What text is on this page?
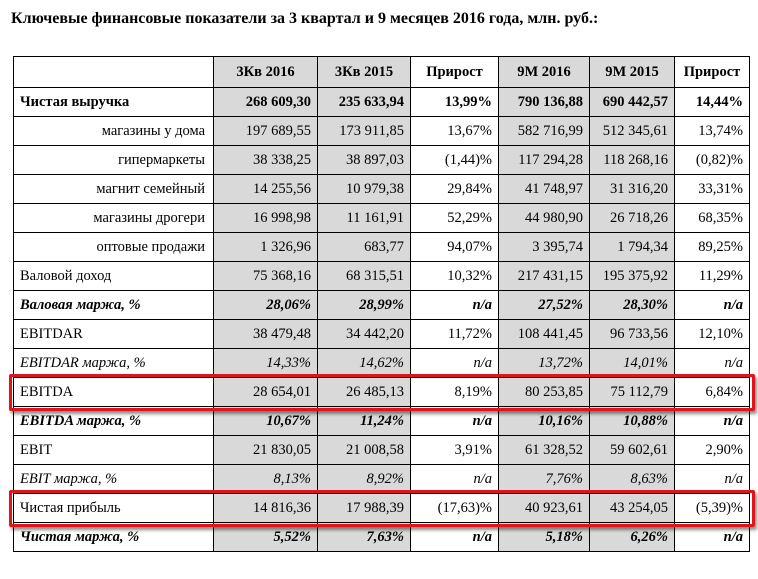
Ключевые финансовые показатели за 3 квартал и 9 месяцев 2016 года, млн. руб.:
	3Кв 2016	3Кв 2015	Прирост	9М 2016	9М 2015	Прирост
Чистая выручка	268 609,30	235 633,94	13,99%	790 136,88	690 442,57	14,44%
магазины у дома	197 689,55	173 911,85	13,67%	582 716,99	512 345,61	13,74%
гипермаркеты	38 338,25	38 897,03	(1,44)%	117 294,28	118 268,16	(0,82)%
магнит семейный	14 255,56	10 979,38	29,84%	41 748,97	31 316,20	33,31%
магазины дрогери	16 998,98	11 161,91	52,29%	44 980,90	26 718,26	68,35%
оптовые продажи	1 326,96	683,77	94,07%	3 395,74	1 794,34	89,25%
Валовой доход	75 368,16	68 315,51	10,32%	217 431,15	195 375,92	11,29%
Валовая маржа, %	28,06%	28,99%	n/a	27,52%	28,30%	n/a
EBITDAR	38 479,48	34 442,20	11,72%	108 441,45	96 733,56	12,10%
EBITDAR маржа, %	14,33%	14,62%	n/a	13,72%	14,01%	n/a
EBITDA	28 654,01	26 485,13	8,19%	80 253,85	75 112,79	6,84%
EBITDA маржа, %	10,67%	11,24%	n/a	10,16%	10,88%	n/a
EBIT	21 830,05	21 008,58	3,91%	61 328,52	59 602,61	2,90%
EBIT маржа, %	8,13%	8,92%	n/a	7,76%	8,63%	n/a
Чистая прибыль	14 816,36	17 988,39	(17,63)%	40 923,61	43 254,05	(5,39)%
Чистая маржа, %	5,52%	7,63%	n/a	5,18%	6,26%	n/a
